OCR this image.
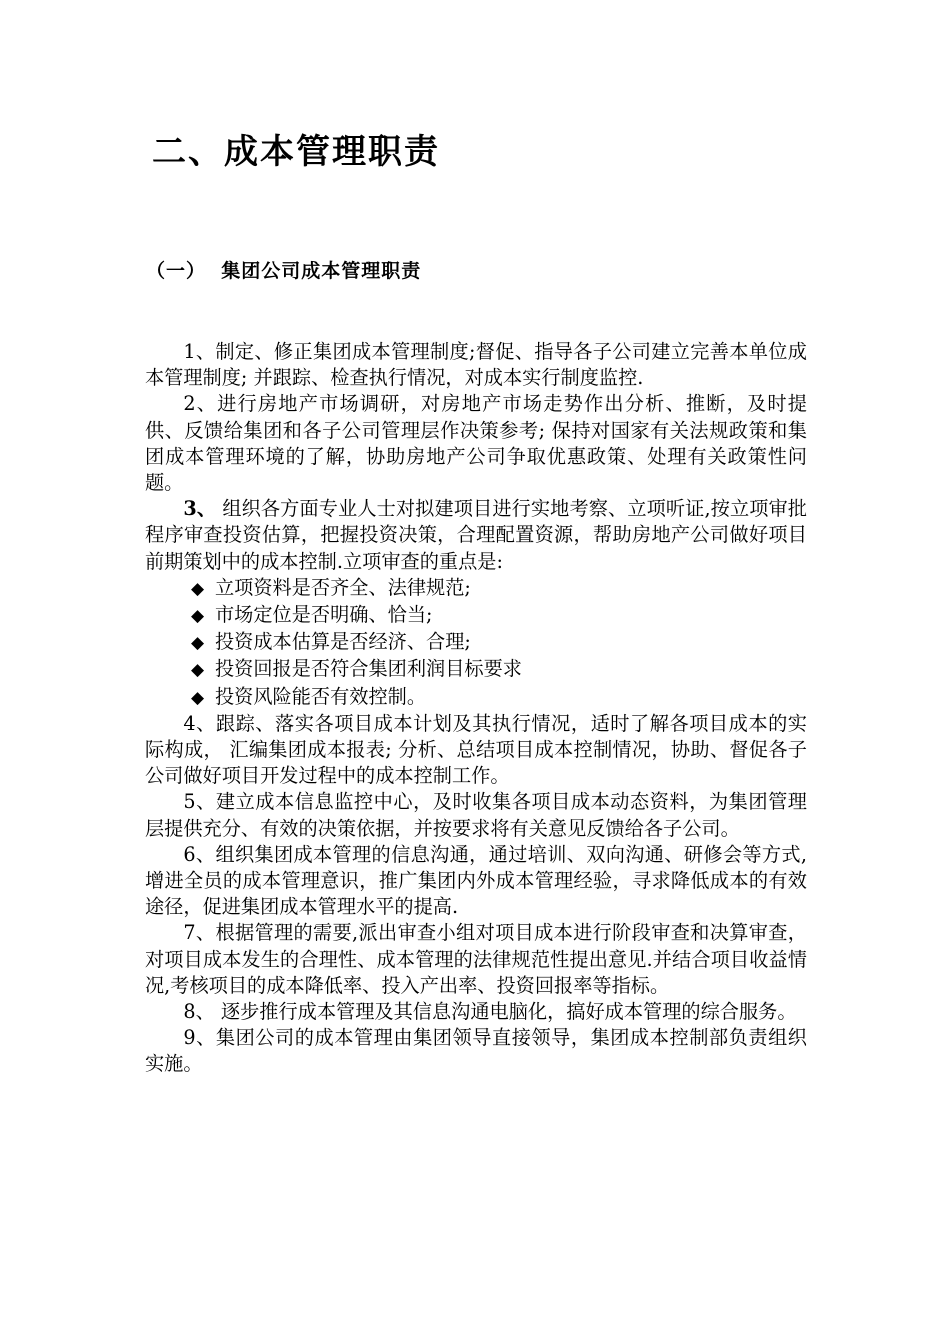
二、成本管理职责
（一）  集团公司成本管理职责

1、制定、修正集团成本管理制度;督促、指导各子公司建立完善本单位成本管理制度; 并跟踪、检查执行情况，对成本实行制度监控.

2、进行房地产市场调研，对房地产市场走势作出分析、推断，及时提供、反馈给集团和各子公司管理层作决策参考; 保持对国家有关法规政策和集团成本管理环境的了解，协助房地产公司争取优惠政策、处理有关政策性问题。

3、 组织各方面专业人士对拟建项目进行实地考察、立项听证,按立项审批程序审查投资估算，把握投资决策，合理配置资源，帮助房地产公司做好项目前期策划中的成本控制.立项审查的重点是:

◆ 立项资料是否齐全、法律规范;
◆ 市场定位是否明确、恰当;
◆ 投资成本估算是否经济、合理;
◆ 投资回报是否符合集团利润目标要求
◆ 投资风险能否有效控制。

4、跟踪、落实各项目成本计划及其执行情况，适时了解各项目成本的实际构成， 汇编集团成本报表; 分析、总结项目成本控制情况，协助、督促各子公司做好项目开发过程中的成本控制工作。

5、建立成本信息监控中心，及时收集各项目成本动态资料，为集团管理层提供充分、有效的决策依据，并按要求将有关意见反馈给各子公司。

6、组织集团成本管理的信息沟通，通过培训、双向沟通、研修会等方式,增进全员的成本管理意识，推广集团内外成本管理经验，寻求降低成本的有效途径，促进集团成本管理水平的提高.

7、根据管理的需要,派出审查小组对项目成本进行阶段审查和决算审查，对项目成本发生的合理性、成本管理的法律规范性提出意见.并结合项目收益情况,考核项目的成本降低率、投入产出率、投资回报率等指标。

8、 逐步推行成本管理及其信息沟通电脑化，搞好成本管理的综合服务。

9、集团公司的成本管理由集团领导直接领导，集团成本控制部负责组织实施。
